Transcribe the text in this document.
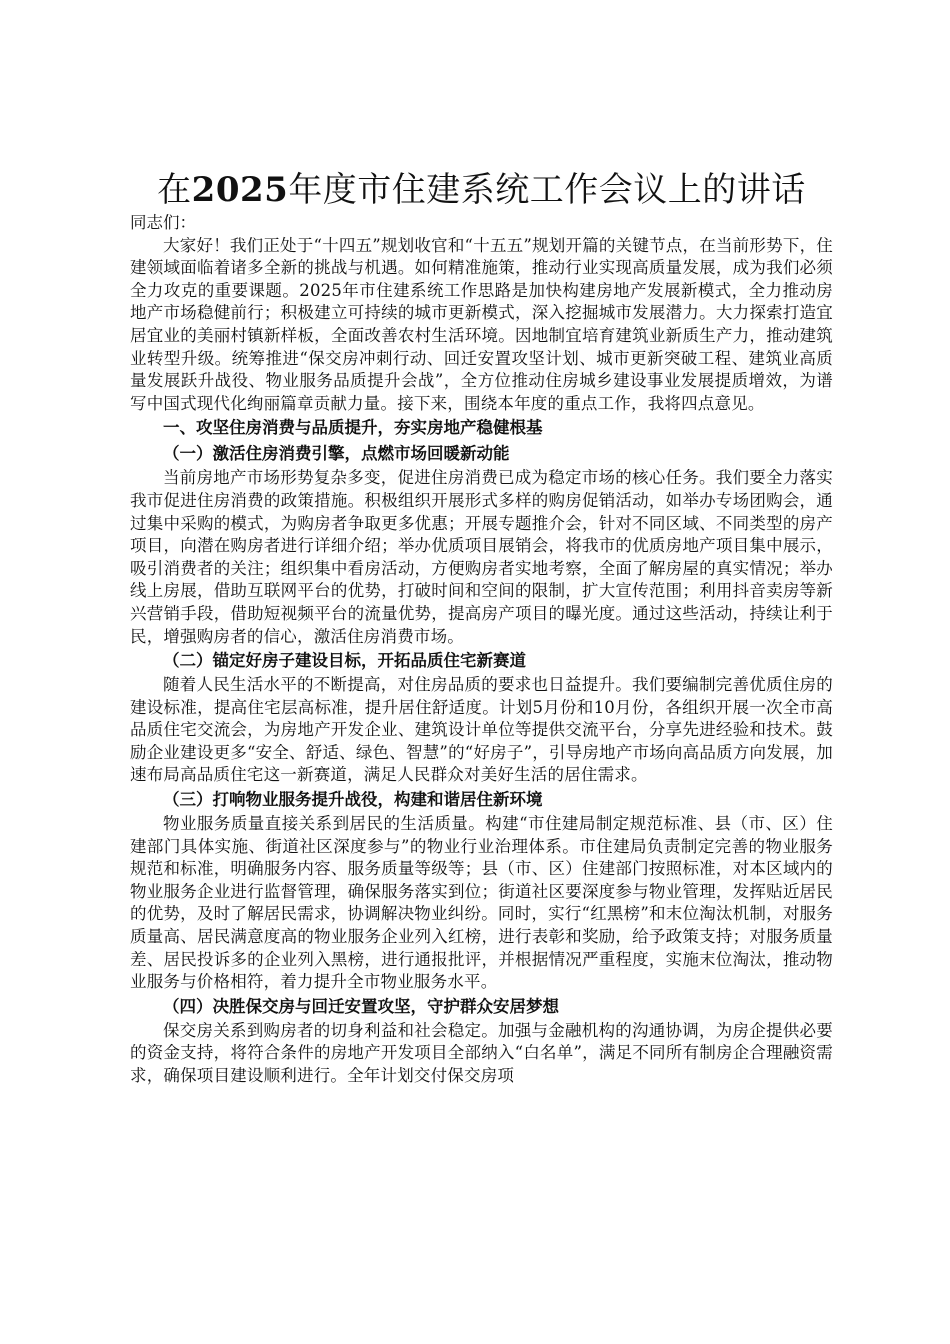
在2025年度市住建系统工作会议上的讲话

同志们：

大家好！我们正处于“十四五”规划收官和“十五五”规划开篇的关键节点，在当前形势下，住建领域面临着诸多全新的挑战与机遇。如何精准施策，推动行业实现高质量发展，成为我们必须全力攻克的重要课题。2025年市住建系统工作思路是加快构建房地产发展新模式，全力推动房地产市场稳健前行；积极建立可持续的城市更新模式，深入挖掘城市发展潜力。大力探索打造宜居宜业的美丽村镇新样板，全面改善农村生活环境。因地制宜培育建筑业新质生产力，推动建筑业转型升级。统筹推进“保交房冲刺行动、回迁安置攻坚计划、城市更新突破工程、建筑业高质量发展跃升战役、物业服务品质提升会战”，全方位推动住房城乡建设事业发展提质增效，为谱写中国式现代化绚丽篇章贡献力量。接下来，围绕本年度的重点工作，我将四点意见。

一、攻坚住房消费与品质提升，夯实房地产稳健根基

（一）激活住房消费引擎，点燃市场回暖新动能

当前房地产市场形势复杂多变，促进住房消费已成为稳定市场的核心任务。我们要全力落实我市促进住房消费的政策措施。积极组织开展形式多样的购房促销活动，如举办专场团购会，通过集中采购的模式，为购房者争取更多优惠；开展专题推介会，针对不同区域、不同类型的房产项目，向潜在购房者进行详细介绍；举办优质项目展销会，将我市的优质房地产项目集中展示，吸引消费者的关注；组织集中看房活动，方便购房者实地考察，全面了解房屋的真实情况；举办线上房展，借助互联网平台的优势，打破时间和空间的限制，扩大宣传范围；利用抖音卖房等新兴营销手段，借助短视频平台的流量优势，提高房产项目的曝光度。通过这些活动，持续让利于民，增强购房者的信心，激活住房消费市场。

（二）锚定好房子建设目标，开拓品质住宅新赛道

随着人民生活水平的不断提高，对住房品质的要求也日益提升。我们要编制完善优质住房的建设标准，提高住宅层高标准，提升居住舒适度。计划5月份和10月份，各组织开展一次全市高品质住宅交流会，为房地产开发企业、建筑设计单位等提供交流平台，分享先进经验和技术。鼓励企业建设更多“安全、舒适、绿色、智慧”的“好房子”，引导房地产市场向高品质方向发展，加速布局高品质住宅这一新赛道，满足人民群众对美好生活的居住需求。

（三）打响物业服务提升战役，构建和谐居住新环境

物业服务质量直接关系到居民的生活质量。构建“市住建局制定规范标准、县（市、区）住建部门具体实施、街道社区深度参与”的物业行业治理体系。市住建局负责制定完善的物业服务规范和标准，明确服务内容、服务质量等级等；县（市、区）住建部门按照标准，对本区域内的物业服务企业进行监督管理，确保服务落实到位；街道社区要深度参与物业管理，发挥贴近居民的优势，及时了解居民需求，协调解决物业纠纷。同时，实行“红黑榜”和末位淘汰机制，对服务质量高、居民满意度高的物业服务企业列入红榜，进行表彰和奖励，给予政策支持；对服务质量差、居民投诉多的企业列入黑榜，进行通报批评，并根据情况严重程度，实施末位淘汰，推动物业服务与价格相符，着力提升全市物业服务水平。

（四）决胜保交房与回迁安置攻坚，守护群众安居梦想

保交房关系到购房者的切身利益和社会稳定。加强与金融机构的沟通协调，为房企提供必要的资金支持，将符合条件的房地产开发项目全部纳入“白名单”，满足不同所有制房企合理融资需求，确保项目建设顺利进行。全年计划交付保交房项
